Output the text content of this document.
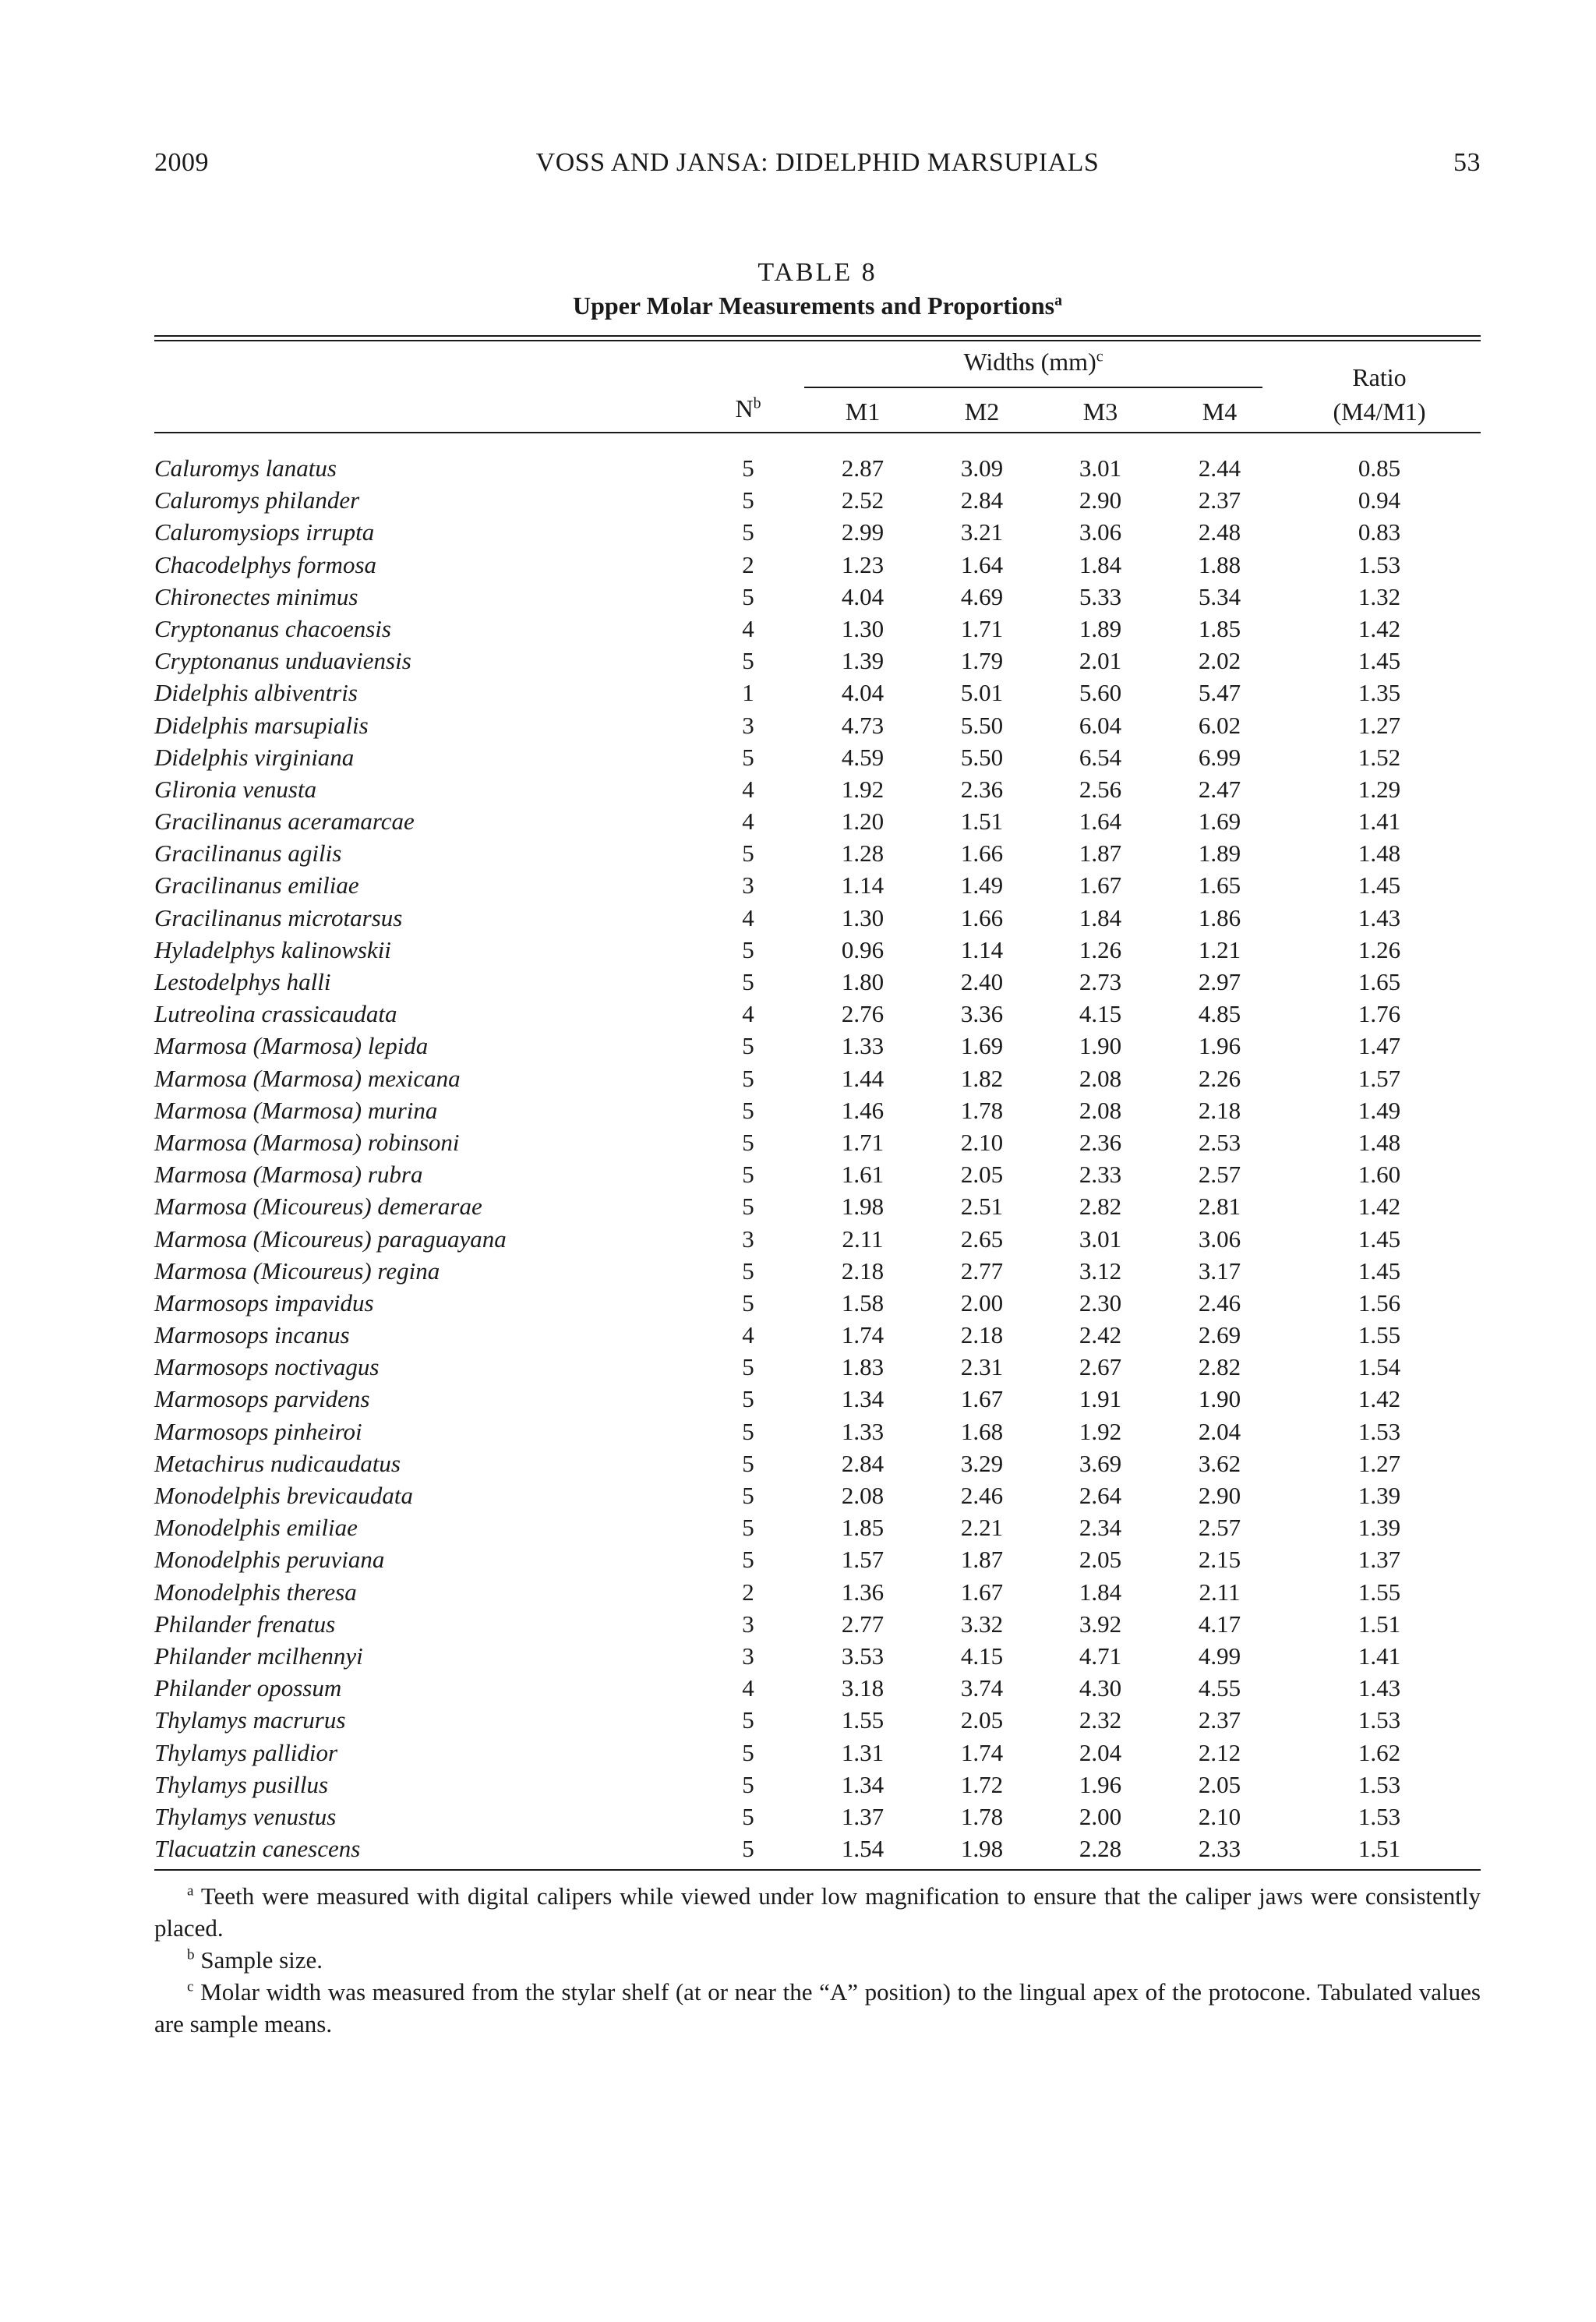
2009	VOSS AND JANSA: DIDELPHID MARSUPIALS	53
TABLE 8
Upper Molar Measurements and Proportions$^a$
Widths (mm)$^c$
Ratio
(M4/M1)
$N^b$	M1	M2	M3	M4
Caluromys lanatus	5	2.87	3.09	3.01	2.44	0.85
Caluromys philander	5	2.52	2.84	2.90	2.37	0.94
Caluromysiops irrupta	5	2.99	3.21	3.06	2.48	0.83
Chacodelphys formosa	2	1.23	1.64	1.84	1.88	1.53
Chironectes minimus	5	4.04	4.69	5.33	5.34	1.32
Cryptonanus chacoensis	4	1.30	1.71	1.89	1.85	1.42
Cryptonanus unduaviensis	5	1.39	1.79	2.01	2.02	1.45
Didelphis albiventris	1	4.04	5.01	5.60	5.47	1.35
Didelphis marsupialis	3	4.73	5.50	6.04	6.02	1.27
Didelphis virginiana	5	4.59	5.50	6.54	6.99	1.52
Glironia venusta	4	1.92	2.36	2.56	2.47	1.29
Gracilinanus aceramarcae	4	1.20	1.51	1.64	1.69	1.41
Gracilinanus agilis	5	1.28	1.66	1.87	1.89	1.48
Gracilinanus emiliae	3	1.14	1.49	1.67	1.65	1.45
Gracilinanus microtarsus	4	1.30	1.66	1.84	1.86	1.43
Hyladelphys kalinowskii	5	0.96	1.14	1.26	1.21	1.26
Lestodelphys halli	5	1.80	2.40	2.73	2.97	1.65
Lutreolina crassicaudata	4	2.76	3.36	4.15	4.85	1.76
Marmosa (Marmosa) lepida	5	1.33	1.69	1.90	1.96	1.47
Marmosa (Marmosa) mexicana	5	1.44	1.82	2.08	2.26	1.57
Marmosa (Marmosa) murina	5	1.46	1.78	2.08	2.18	1.49
Marmosa (Marmosa) robinsoni	5	1.71	2.10	2.36	2.53	1.48
Marmosa (Marmosa) rubra	5	1.61	2.05	2.33	2.57	1.60
Marmosa (Micoureus) demerarae	5	1.98	2.51	2.82	2.81	1.42
Marmosa (Micoureus) paraguayana	3	2.11	2.65	3.01	3.06	1.45
Marmosa (Micoureus) regina	5	2.18	2.77	3.12	3.17	1.45
Marmosops impavidus	5	1.58	2.00	2.30	2.46	1.56
Marmosops incanus	4	1.74	2.18	2.42	2.69	1.55
Marmosops noctivagus	5	1.83	2.31	2.67	2.82	1.54
Marmosops parvidens	5	1.34	1.67	1.91	1.90	1.42
Marmosops pinheiroi	5	1.33	1.68	1.92	2.04	1.53
Metachirus nudicaudatus	5	2.84	3.29	3.69	3.62	1.27
Monodelphis brevicaudata	5	2.08	2.46	2.64	2.90	1.39
Monodelphis emiliae	5	1.85	2.21	2.34	2.57	1.39
Monodelphis peruviana	5	1.57	1.87	2.05	2.15	1.37
Monodelphis theresa	2	1.36	1.67	1.84	2.11	1.55
Philander frenatus	3	2.77	3.32	3.92	4.17	1.51
Philander mcilhennyi	3	3.53	4.15	4.71	4.99	1.41
Philander opossum	4	3.18	3.74	4.30	4.55	1.43
Thylamys macrurus	5	1.55	2.05	2.32	2.37	1.53
Thylamys pallidior	5	1.31	1.74	2.04	2.12	1.62
Thylamys pusillus	5	1.34	1.72	1.96	2.05	1.53
Thylamys venustus	5	1.37	1.78	2.00	2.10	1.53
Tlacuatzin canescens	5	1.54	1.98	2.28	2.33	1.51

$^a$ Teeth were measured with digital calipers while viewed under low magnification to ensure that the caliper jaws were consistently placed.

$^b$ Sample size.

$^c$ Molar width was measured from the stylar shelf (at or near the “A” position) to the lingual apex of the protocone. Tabulated values are sample means.
